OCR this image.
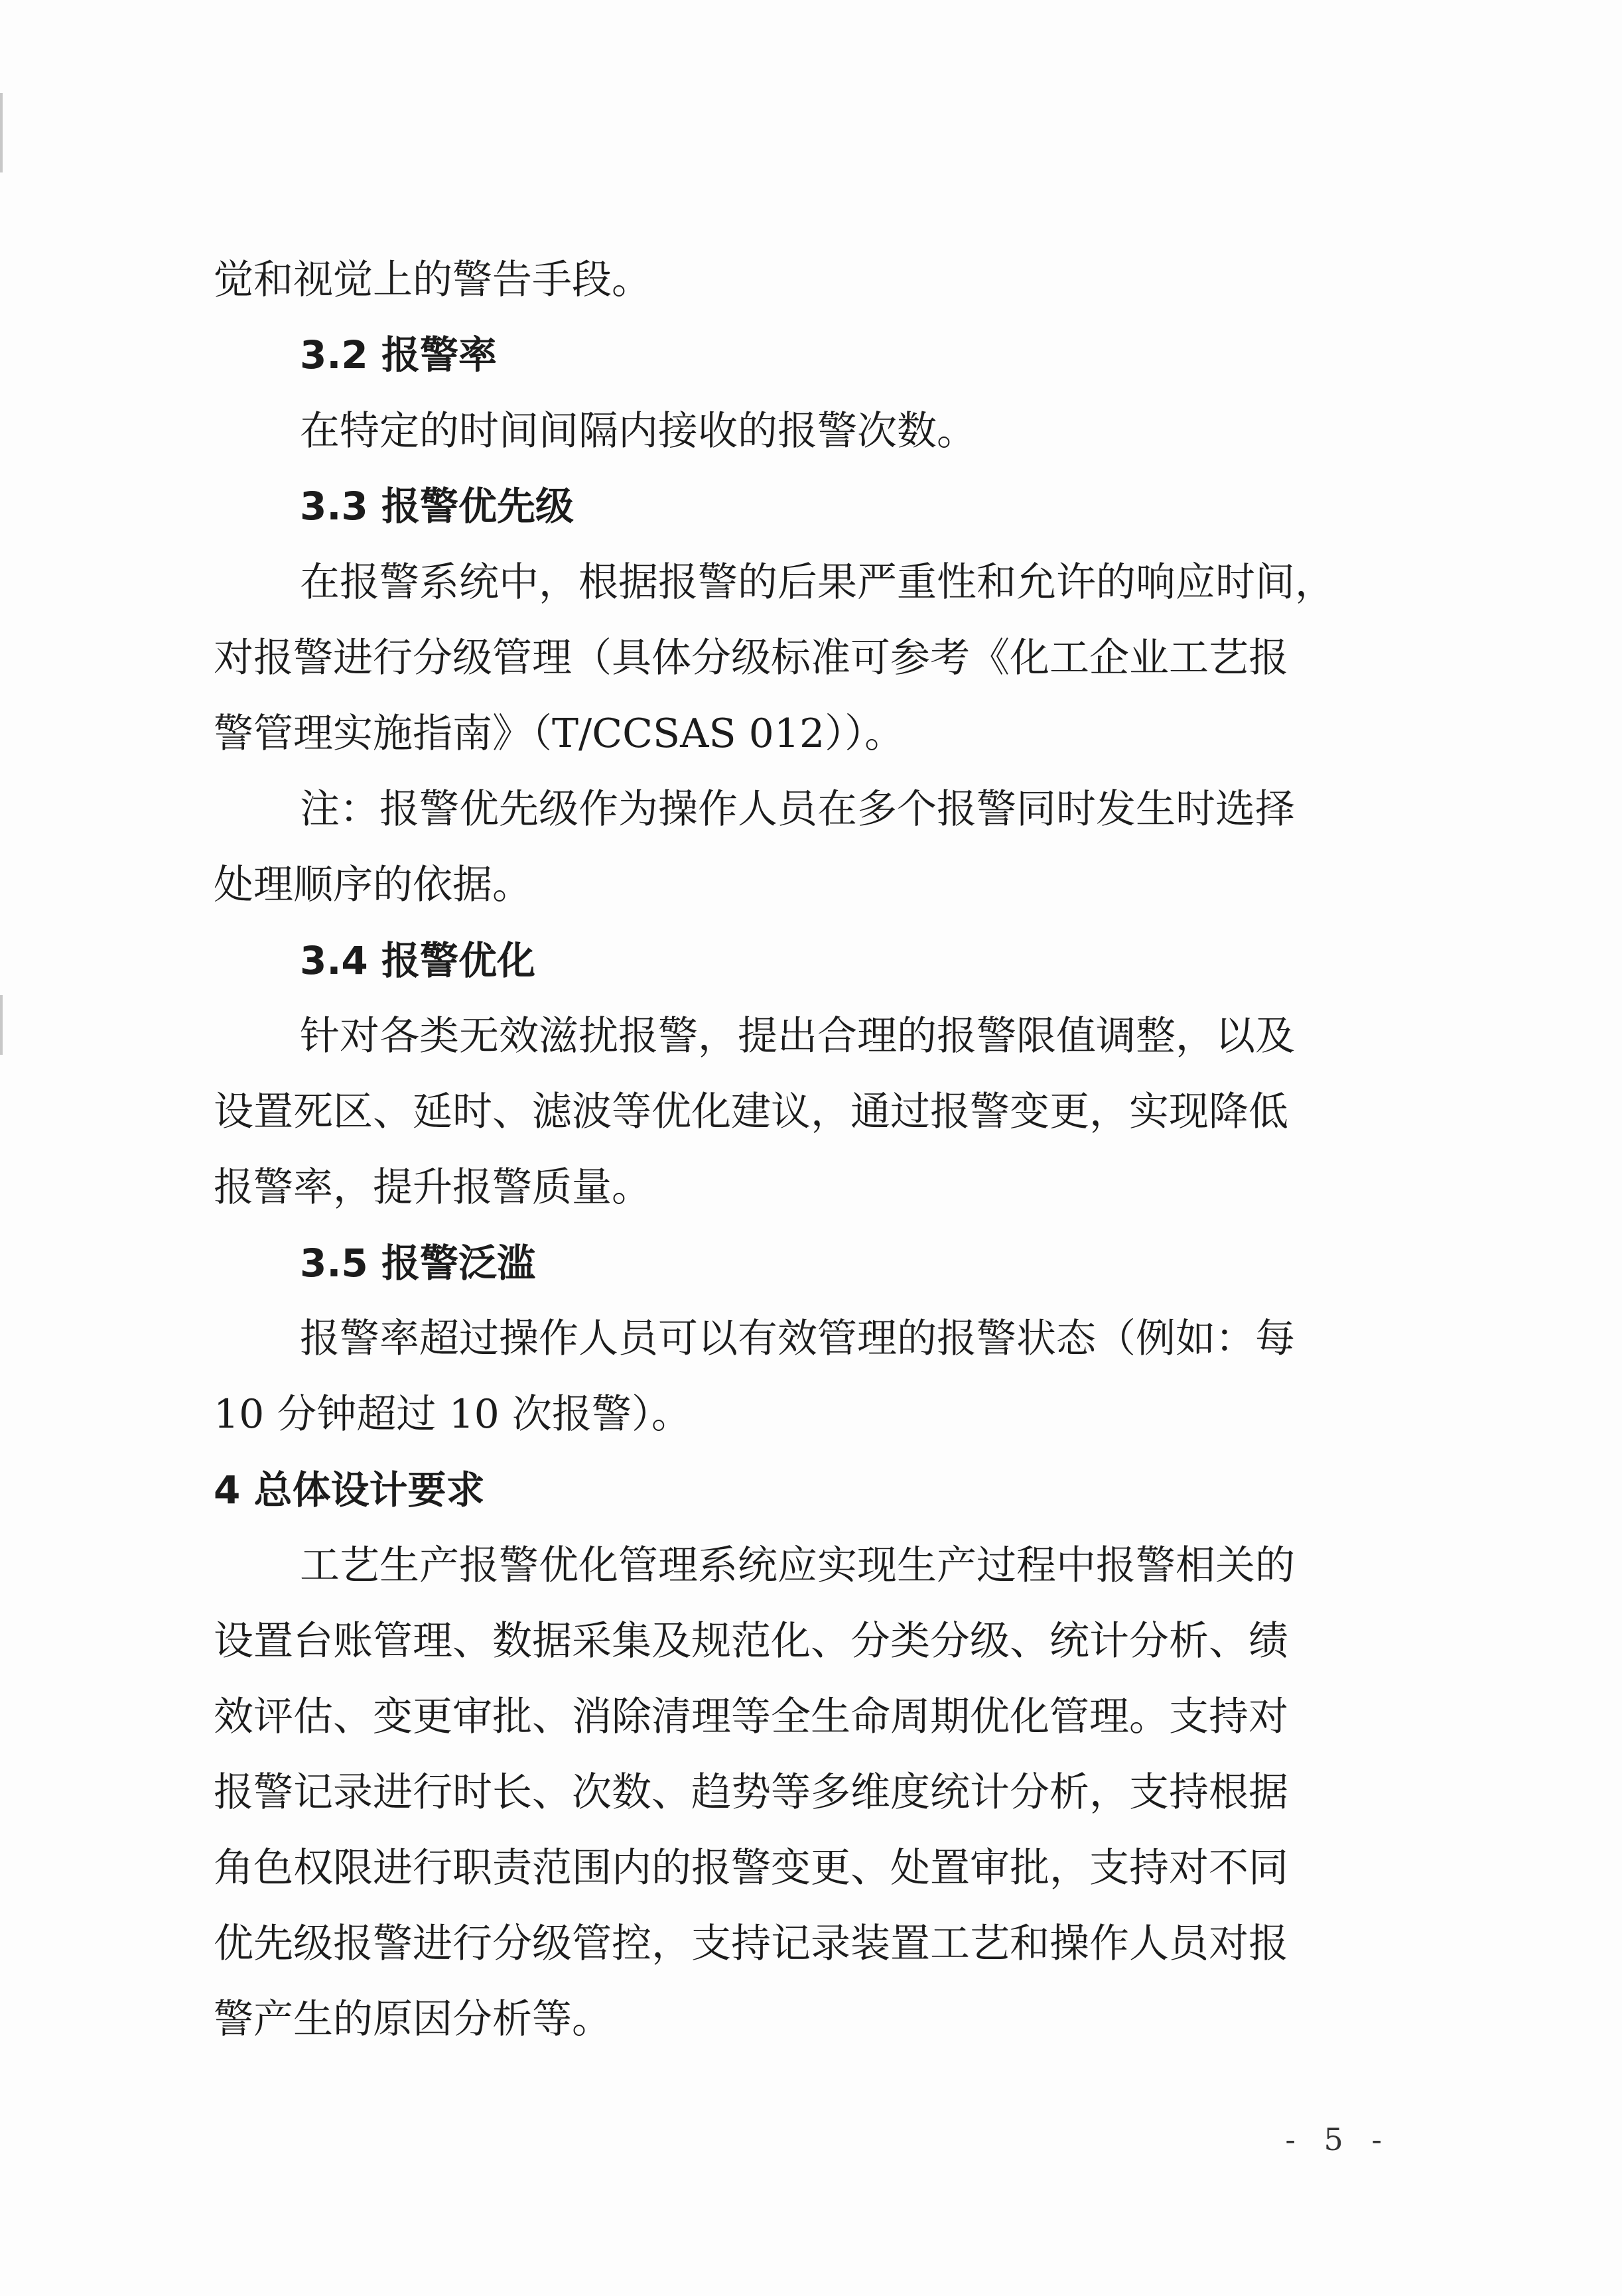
觉和视觉上的警告手段。
3.2 报警率
在特定的时间间隔内接收的报警次数。
3.3 报警优先级
在报警系统中，根据报警的后果严重性和允许的响应时间，
对报警进行分级管理（具体分级标准可参考《化工企业工艺报
警管理实施指南》（T/CCSAS 012））。
注：报警优先级作为操作人员在多个报警同时发生时选择
处理顺序的依据。
3.4 报警优化
针对各类无效滋扰报警，提出合理的报警限值调整，以及
设置死区、延时、滤波等优化建议，通过报警变更，实现降低
报警率，提升报警质量。
3.5 报警泛滥
报警率超过操作人员可以有效管理的报警状态（例如：每
10 分钟超过 10 次报警）。
4 总体设计要求
工艺生产报警优化管理系统应实现生产过程中报警相关的
设置台账管理、数据采集及规范化、分类分级、统计分析、绩
效评估、变更审批、消除清理等全生命周期优化管理。支持对
报警记录进行时长、次数、趋势等多维度统计分析，支持根据
角色权限进行职责范围内的报警变更、处置审批，支持对不同
优先级报警进行分级管控，支持记录装置工艺和操作人员对报
警产生的原因分析等。
- 5 -
